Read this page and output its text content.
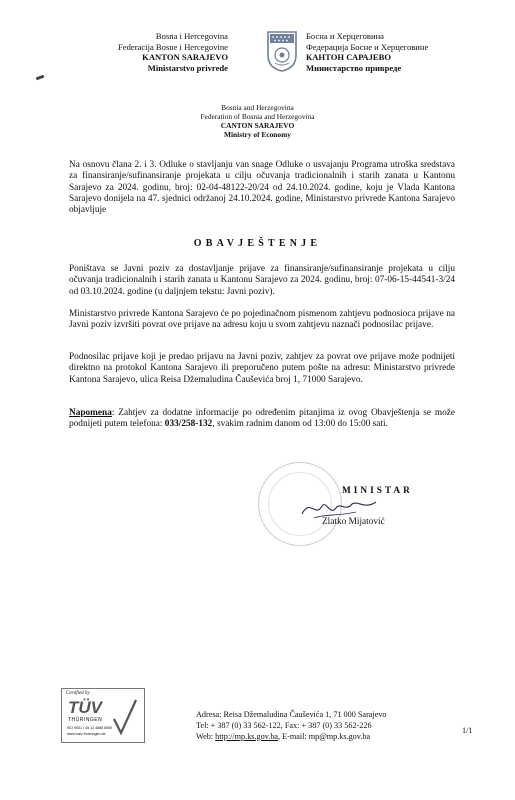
Bosna i Hercegovina
Federacija Bosne i Hercegovine
KANTON SARAJEVO
Ministarstvo privrede
Босна и Херцеговина
Федерација Босне и Херцеговине
КАНТОН САРАЈЕВО
Министарство привреде
Bosnia and Herzegovina
Federation of Bosnia and Herzegovina
CANTON SARAJEVO
Ministry of Economy
Na osnovu člana 2. i 3. Odluke o stavljanju van snage Odluke o usvajanju Programa utroška sredstava za finansiranje/sufinansiranje projekata u cilju očuvanja tradicionalnih i starih zanata u Kantonu Sarajevo za 2024. godinu, broj: 02-04-48122-20/24 od 24.10.2024. godine, koju je Vlada Kantona Sarajevo donijela na 47. sjednici održanoj 24.10.2024. godine, Ministarstvo privrede Kantona Sarajevo objavljuje
OBAVJEŠTENJE
Poništava se Javni poziv za dostavljanje prijave za finansiranje/sufinansiranje projekata u cilju očuvanja tradicionalnih i starih zanata u Kantonu Sarajevo za 2024. godinu, broj: 07-06-15-44541-3/24 od 03.10.2024. godine (u daljnjem tekstu: Javni poziv).
Ministarstvo privrede Kantona Sarajevo će po pojedinačnom pismenom zahtjevu podnosioca prijave na Javni poziv izvršiti povrat ove prijave na adresu koju u svom zahtjevu naznači podnosilac prijave.
Podnosilac prijave koji je predao prijavu na Javni poziv, zahtjev za povrat ove prijave može podnijeti direktno na protokol Kantona Sarajevo ili preporučeno putem pošte na adresu: Ministarstvo privrede Kantona Sarajevo, ulica Reisa Džemaludina Čauševića broj 1, 71000 Sarajevo.
Napomena: Zahtjev za dodatne informacije po određenim pitanjima iz ovog Obavještenja se može podnijeti putem telefona: 033/258-132, svakim radnim danom od 13:00 do 15:00 sati.
MINISTAR
Zlatko Mijatović
Certified by
TÜV
THÜRINGEN
ISO 9001 / 45 13 4888 6069
www.tuev-thueringen.de
Adresa: Reisa Džemaludina Čauševića 1, 71 000 Sarajevo
Tel: + 387 (0) 33 562-122, Fax: + 387 (0) 33 562-226
Web: http://mp.ks.gov.ba, E-mail: mp@mp.ks.gov.ba
1/1
